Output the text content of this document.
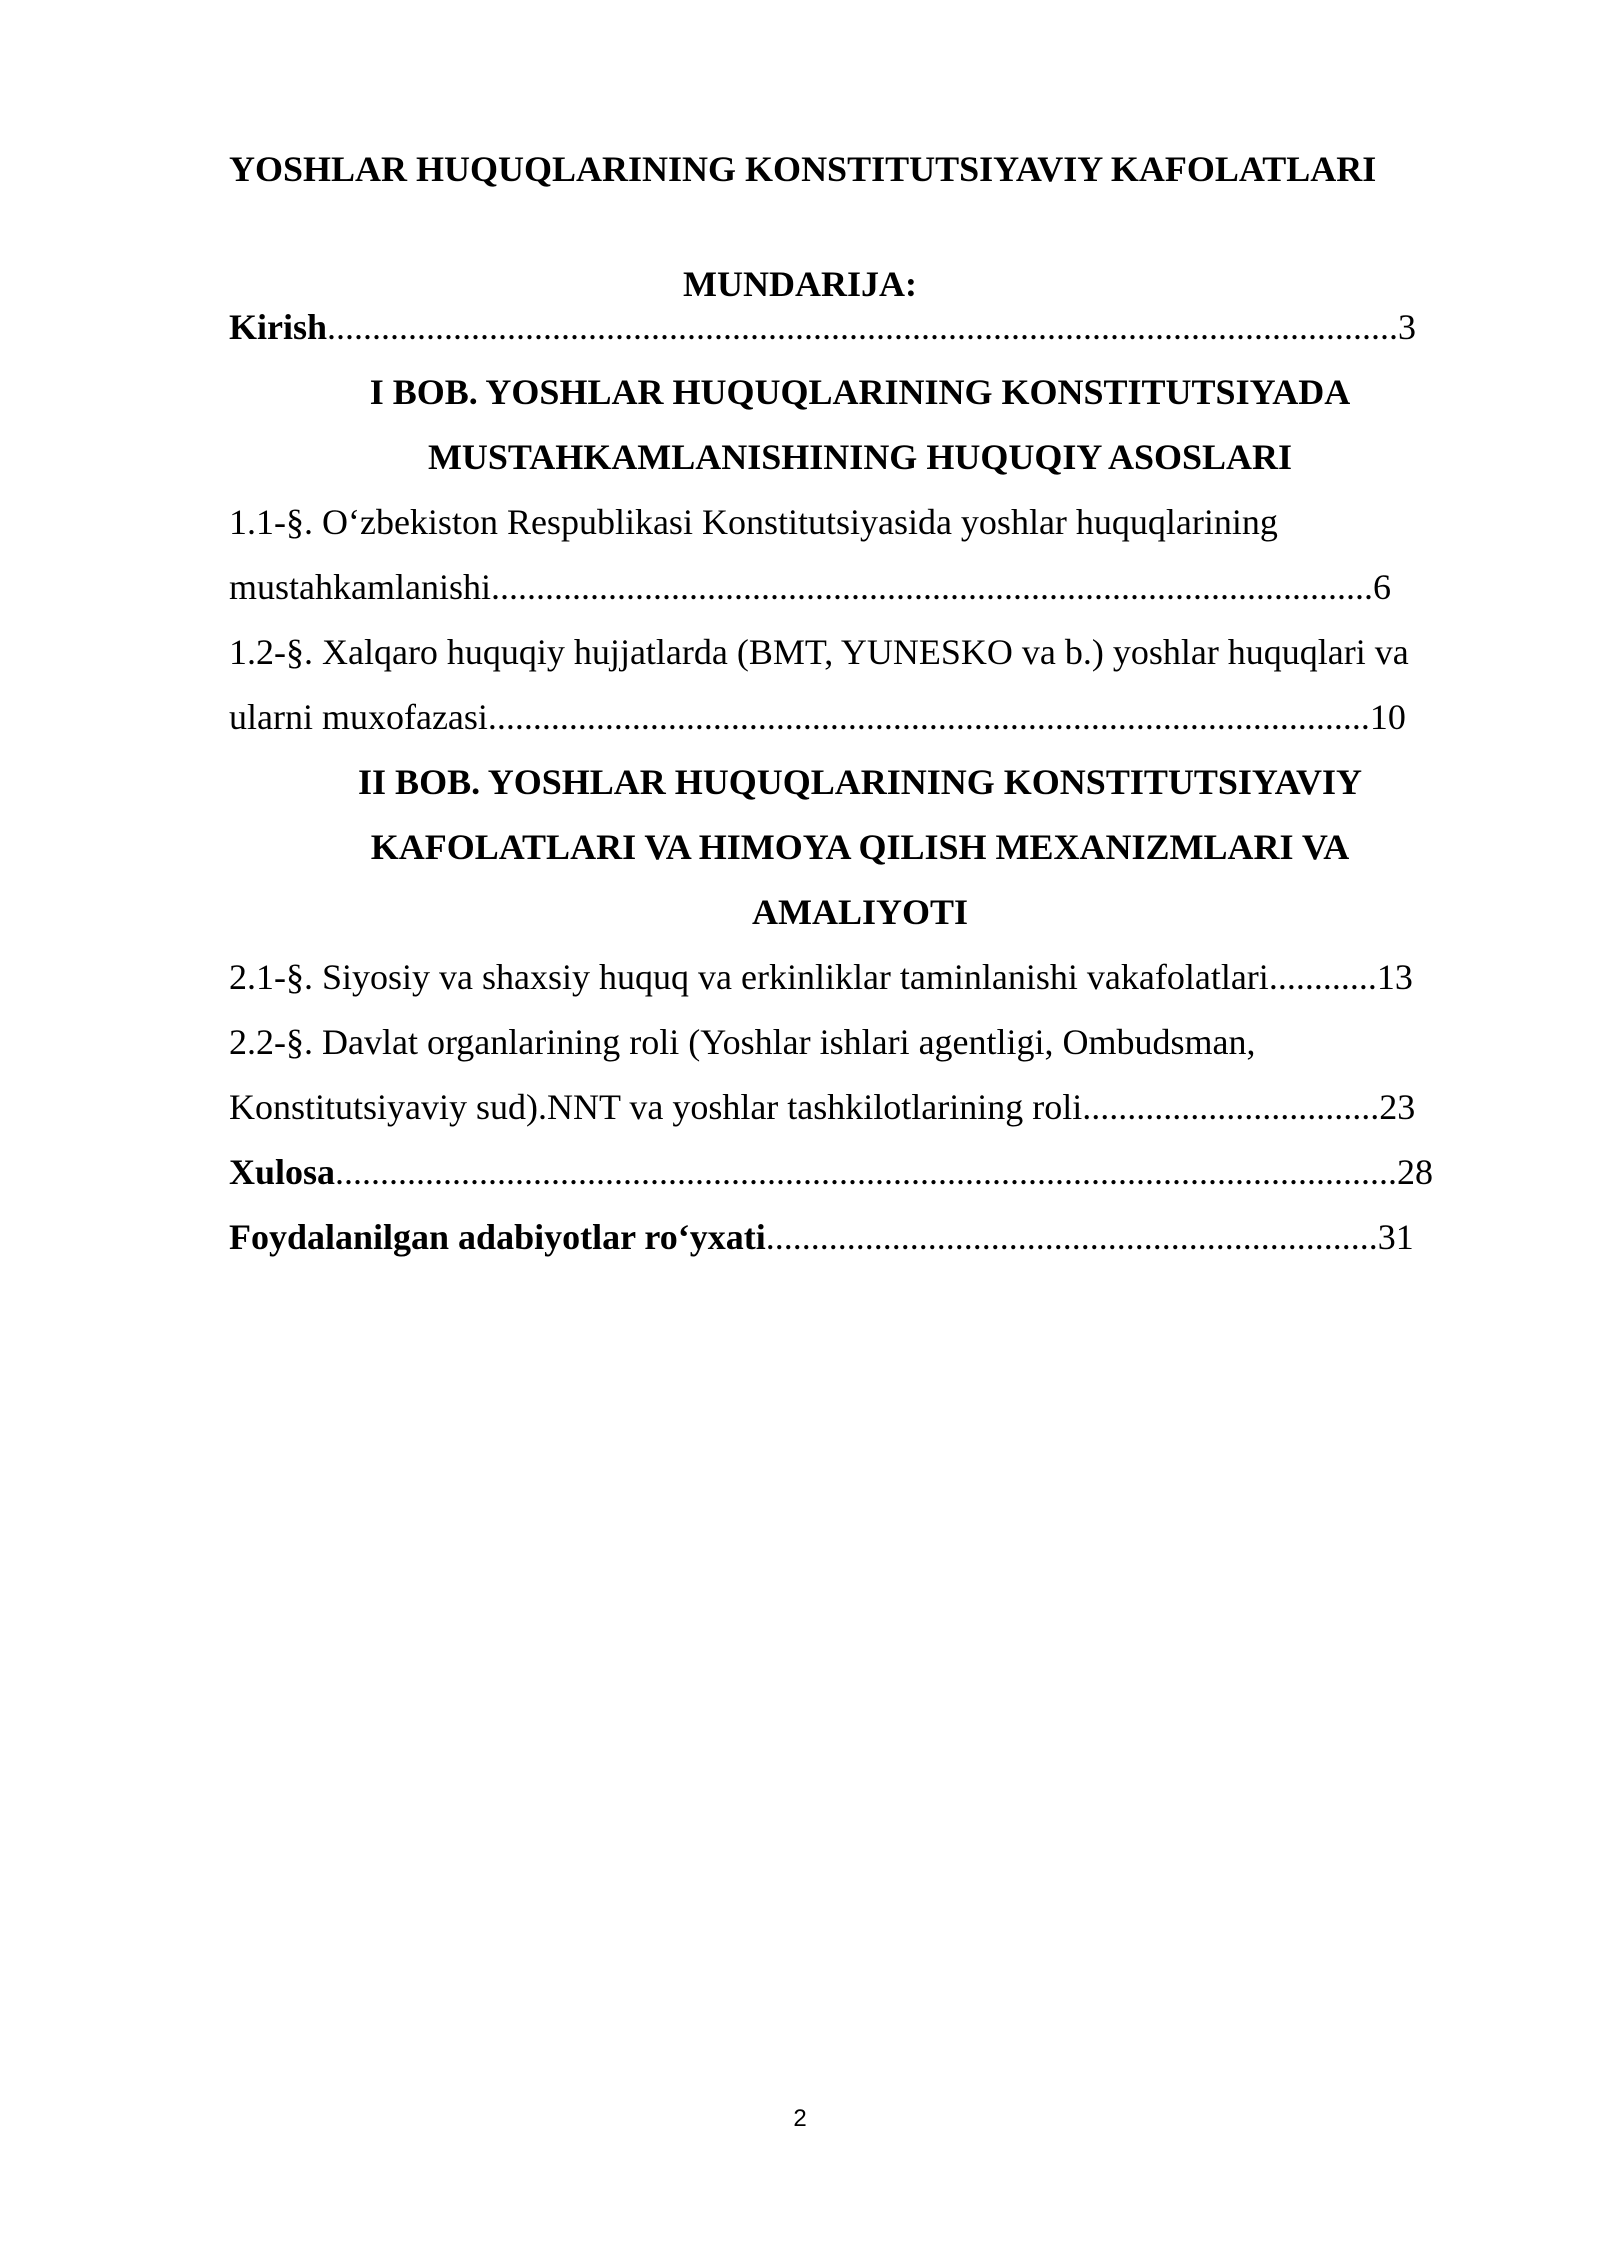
YOSHLAR HUQUQLARINING KONSTITUTSIYAVIY KAFOLATLARI
MUNDARIJA:
Kirish.......................................................................................................................3
I BOB. YOSHLAR HUQUQLARINING KONSTITUTSIYADA
MUSTAHKAMLANISHINING HUQUQIY ASOSLARI
1.1-§. O‘zbekiston Respublikasi Konstitutsiyasida yoshlar huquqlarining
mustahkamlanishi..................................................................................................6
1.2-§. Xalqaro huquqiy hujjatlarda (BMT, YUNESKO va b.) yoshlar huquqlari va
ularni muxofazasi..................................................................................................10
II BOB. YOSHLAR HUQUQLARINING KONSTITUTSIYAVIY
KAFOLATLARI VA HIMOYA QILISH MEXANIZMLARI VA
AMALIYOTI
2.1-§. Siyosiy va shaxsiy huquq va erkinliklar taminlanishi vakafolatlari............13
2.2-§. Davlat organlarining roli (Yoshlar ishlari agentligi, Ombudsman,
Konstitutsiyaviy sud).NNT va yoshlar tashkilotlarining roli.................................23
Xulosa......................................................................................................................28
Foydalanilgan adabiyotlar ro‘yxati....................................................................31
2
